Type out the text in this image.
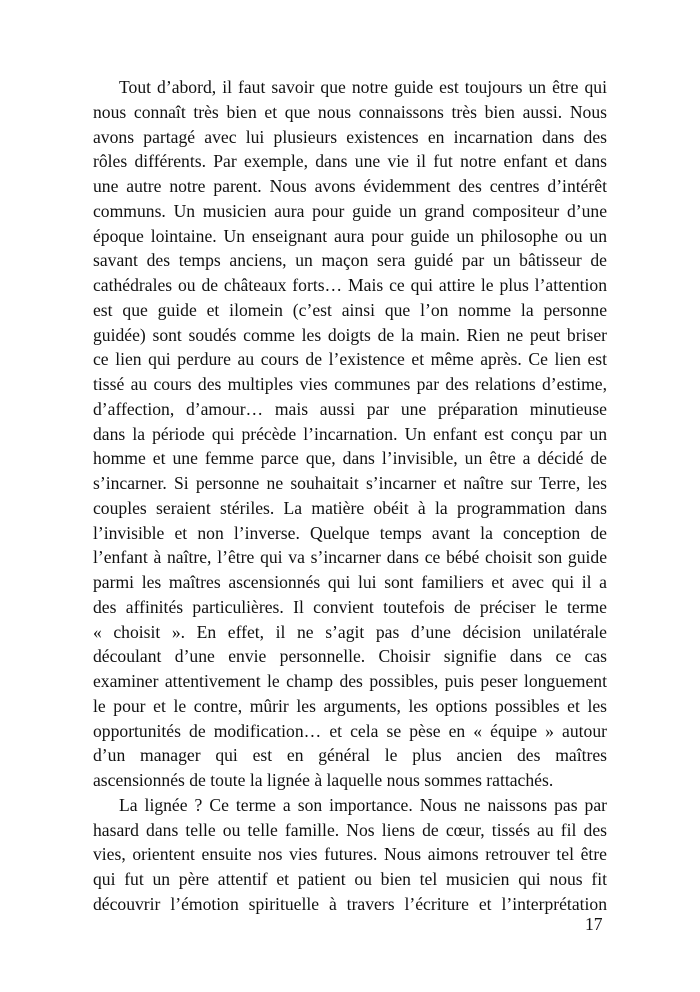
Tout d’abord, il faut savoir que notre guide est toujours un être qui
nous connaît très bien et que nous connaissons très bien aussi. Nous
avons partagé avec lui plusieurs existences en incarnation dans des
rôles différents. Par exemple, dans une vie il fut notre enfant et dans
une autre notre parent. Nous avons évidemment des centres d’intérêt
communs. Un musicien aura pour guide un grand compositeur d’une
époque lointaine. Un enseignant aura pour guide un philosophe ou un
savant des temps anciens, un maçon sera guidé par un bâtisseur de
cathédrales ou de châteaux forts… Mais ce qui attire le plus l’attention
est que guide et ilomein (c’est ainsi que l’on nomme la personne
guidée) sont soudés comme les doigts de la main. Rien ne peut briser
ce lien qui perdure au cours de l’existence et même après. Ce lien est
tissé au cours des multiples vies communes par des relations d’estime,
d’affection, d’amour… mais aussi par une préparation minutieuse
dans la période qui précède l’incarnation. Un enfant est conçu par un
homme et une femme parce que, dans l’invisible, un être a décidé de
s’incarner. Si personne ne souhaitait s’incarner et naître sur Terre, les
couples seraient stériles. La matière obéit à la programmation dans
l’invisible et non l’inverse. Quelque temps avant la conception de
l’enfant à naître, l’être qui va s’incarner dans ce bébé choisit son guide
parmi les maîtres ascensionnés qui lui sont familiers et avec qui il a
des affinités particulières. Il convient toutefois de préciser le terme
« choisit ». En effet, il ne s’agit pas d’une décision unilatérale
découlant d’une envie personnelle. Choisir signifie dans ce cas
examiner attentivement le champ des possibles, puis peser longuement
le pour et le contre, mûrir les arguments, les options possibles et les
opportunités de modification… et cela se pèse en « équipe » autour
d’un manager qui est en général le plus ancien des maîtres
ascensionnés de toute la lignée à laquelle nous sommes rattachés.
La lignée ? Ce terme a son importance. Nous ne naissons pas par
hasard dans telle ou telle famille. Nos liens de cœur, tissés au fil des
vies, orientent ensuite nos vies futures. Nous aimons retrouver tel être
qui fut un père attentif et patient ou bien tel musicien qui nous fit
découvrir l’émotion spirituelle à travers l’écriture et l’interprétation
17
